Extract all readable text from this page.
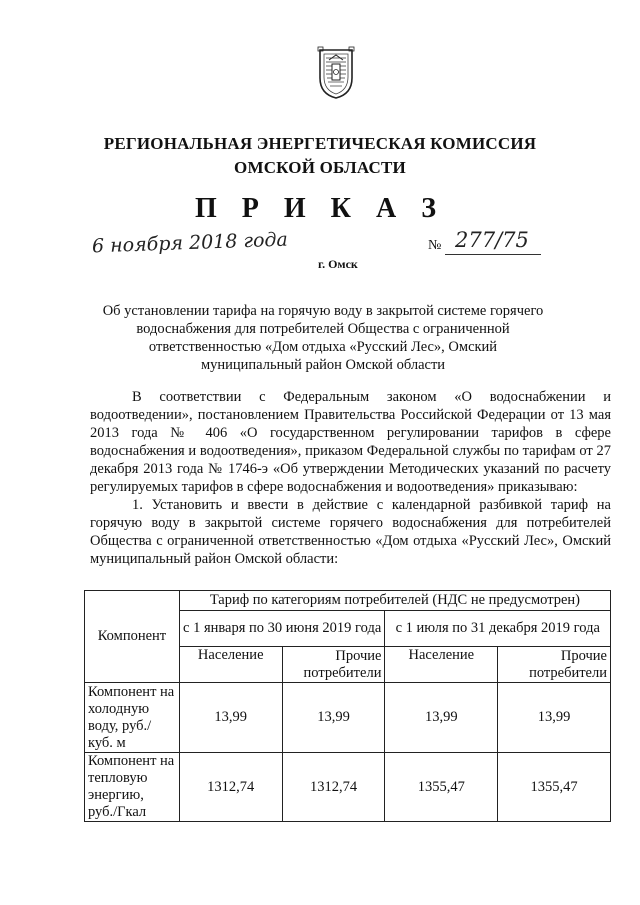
РЕГИОНАЛЬНАЯ ЭНЕРГЕТИЧЕСКАЯ КОМИССИЯ
ОМСКОЙ ОБЛАСТИ
П Р И К А З
6 ноября 2018 года	№ 277/75
г. Омск
Об установлении тарифа на горячую воду в закрытой системе горячего
водоснабжения для потребителей Общества с ограниченной
ответственностью «Дом отдыха «Русский Лес», Омский
муниципальный район Омской области

В соответствии с Федеральным законом «О водоснабжении и водоотведении», постановлением Правительства Российской Федерации от 13 мая 2013 года № 406 «О государственном регулировании тарифов в сфере водоснабжения и водоотведения», приказом Федеральной службы по тарифам от 27 декабря 2013 года № 1746-э «Об утверждении Методических указаний по расчету регулируемых тарифов в сфере водоснабжения и водоотведения» приказываю:

1. Установить и ввести в действие с календарной разбивкой тариф на горячую воду в закрытой системе горячего водоснабжения для потребителей Общества с ограниченной ответственностью «Дом отдыха «Русский Лес», Омский муниципальный район Омской области:

Компонент	Тариф по категориям потребителей (НДС не предусмотрен)			
	с 1 января по 30 июня 2019 года		с 1 июля по 31 декабря 2019 года	
	Население	Прочие потребители	Население	Прочие потребители
Компонент на холодную воду, руб./куб. м	13,99	13,99	13,99	13,99
Компонент на тепловую энергию, руб./Гкал	1312,74	1312,74	1355,47	1355,47
